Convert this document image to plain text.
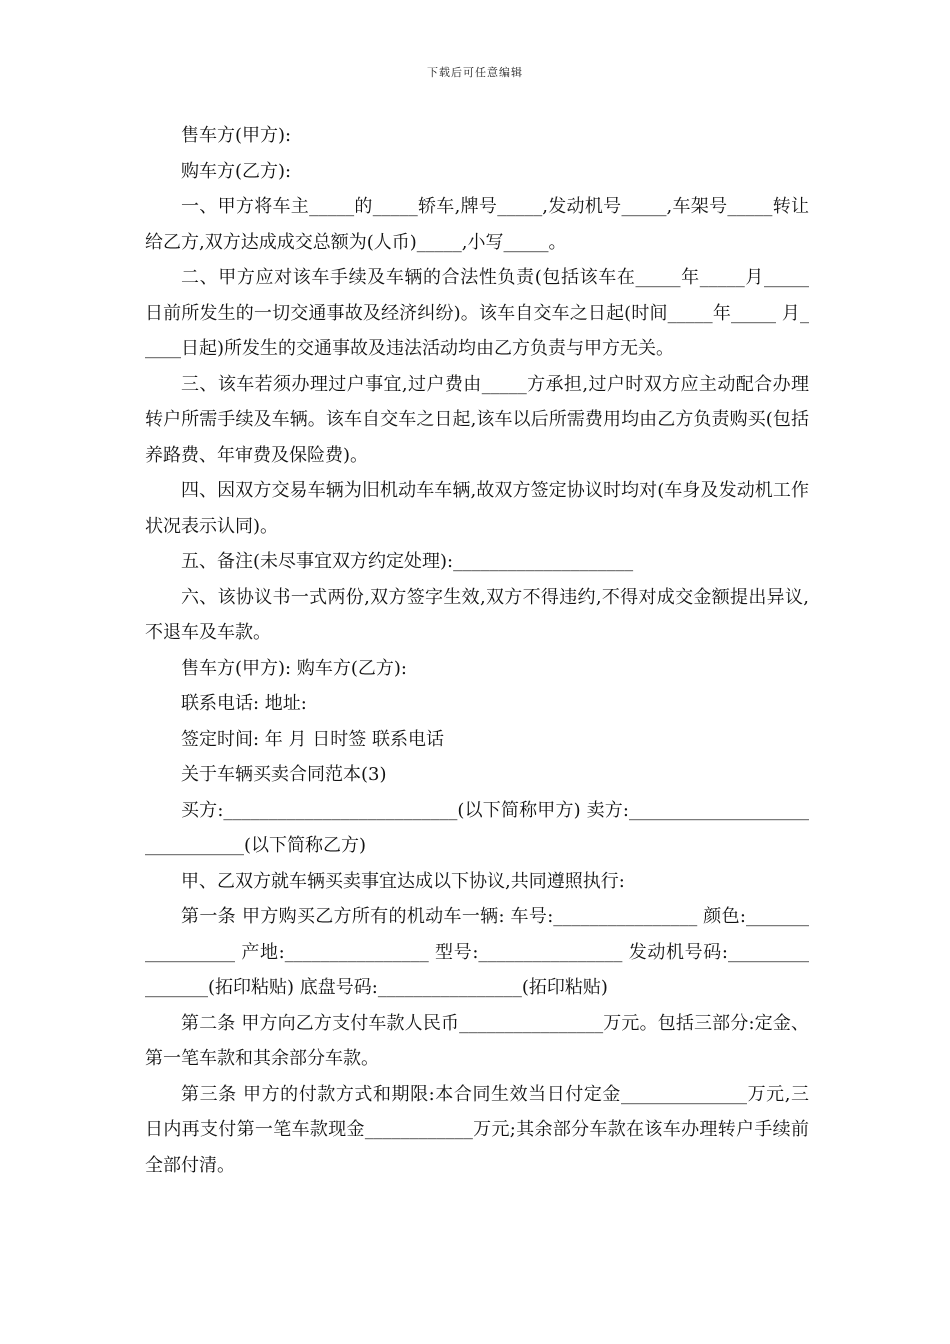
下载后可任意编辑

售车方(甲方):

购车方(乙方):

一、甲方将车主_____的_____轿车,牌号_____,发动机号_____,车架号_____转让给乙方,双方达成成交总额为(人币)_____,小写_____。

二、甲方应对该车手续及车辆的合法性负责(包括该车在_____年_____月_____日前所发生的一切交通事故及经济纠纷)。该车自交车之日起(时间_____年_____ 月_____日起)所发生的交通事故及违法活动均由乙方负责与甲方无关。

三、该车若须办理过户事宜,过户费由_____方承担,过户时双方应主动配合办理转户所需手续及车辆。该车自交车之日起,该车以后所需费用均由乙方负责购买(包括养路费、年审费及保险费)。

四、因双方交易车辆为旧机动车车辆,故双方签定协议时均对(车身及发动机工作状况表示认同)。

五、备注(未尽事宜双方约定处理):____________________

六、该协议书一式两份,双方签字生效,双方不得违约,不得对成交金额提出异议,不退车及车款。

售车方(甲方): 购车方(乙方):

联系电话: 地址:

签定时间: 年 月 日时签 联系电话

关于车辆买卖合同范本(3)

买方:__________________________(以下简称甲方) 卖方:_______________________________(以下简称乙方)

甲、乙双方就车辆买卖事宜达成以下协议,共同遵照执行:

第一条 甲方购买乙方所有的机动车一辆: 车号:________________ 颜色:_________________ 产地:________________ 型号:________________ 发动机号码:________________(拓印粘贴) 底盘号码:________________(拓印粘贴)

第二条 甲方向乙方支付车款人民币________________万元。包括三部分:定金、第一笔车款和其余部分车款。

第三条 甲方的付款方式和期限:本合同生效当日付定金______________万元,三日内再支付第一笔车款现金____________万元;其余部分车款在该车办理转户手续前全部付清。
